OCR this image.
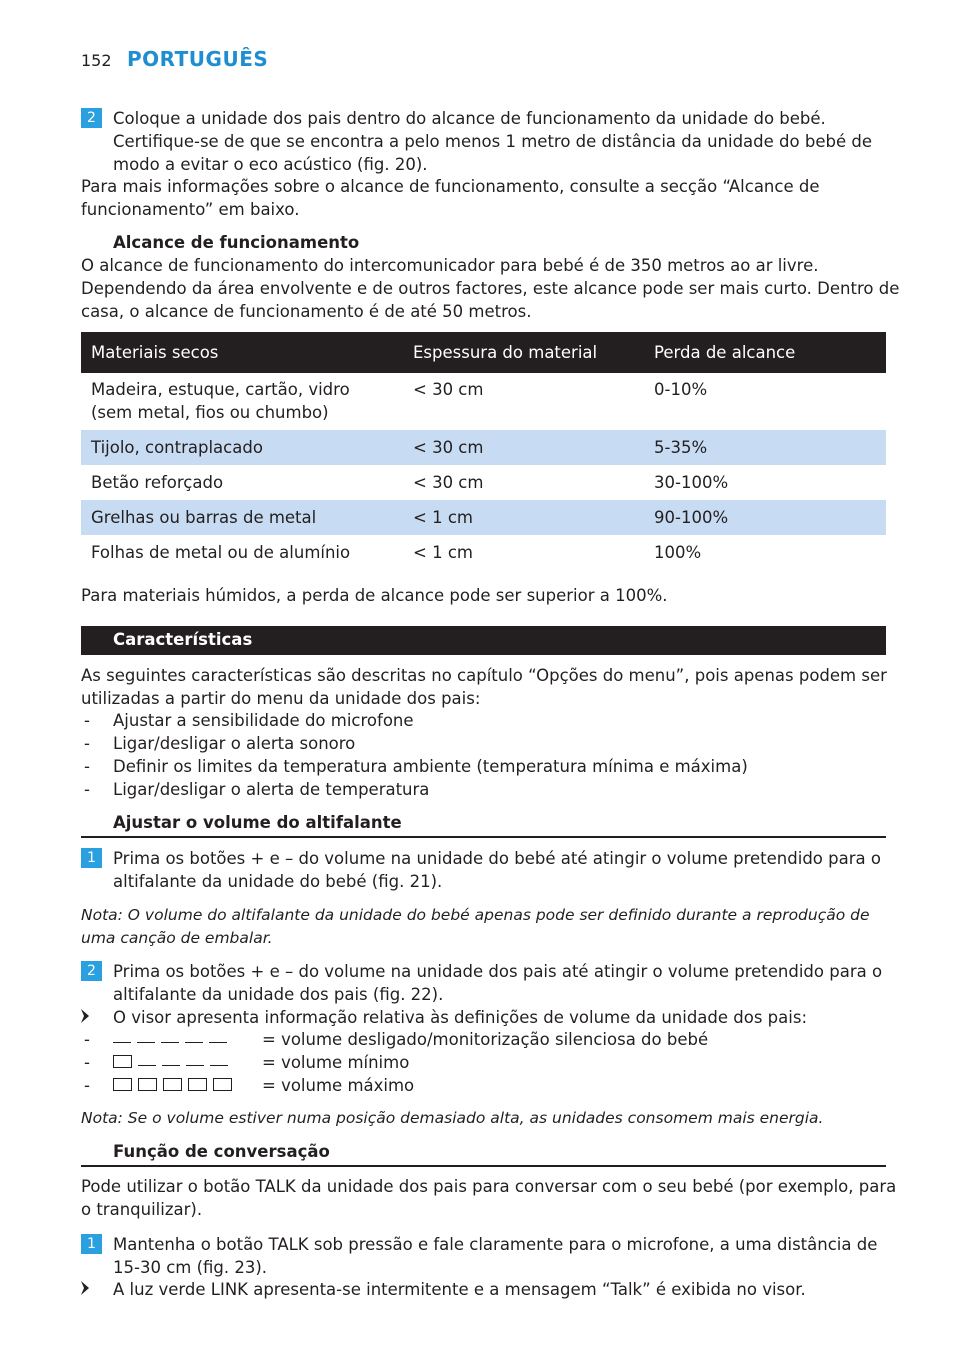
152 PORTUGUÊS
2	Coloque a unidade dos pais dentro do alcance de funcionamento da unidade do bebé.
Certifique-se de que se encontra a pelo menos 1 metro de distância da unidade do bebé de
modo a evitar o eco acústico (fig. 20).
Para mais informações sobre o alcance de funcionamento, consulte a secção “Alcance de
funcionamento” em baixo.
Alcance de funcionamento
O alcance de funcionamento do intercomunicador para bebé é de 350 metros ao ar livre.
Dependendo da área envolvente e de outros factores, este alcance pode ser mais curto. Dentro de
casa, o alcance de funcionamento é de até 50 metros.
Materiais secos	Espessura do material	Perda de alcance
Madeira, estuque, cartão, vidro (sem metal, fios ou chumbo)	< 30 cm	0-10%
Tijolo, contraplacado	< 30 cm	5-35%
Betão reforçado	< 30 cm	30-100%
Grelhas ou barras de metal	< 1 cm	90-100%
Folhas de metal ou de alumínio	< 1 cm	100%
Para materiais húmidos, a perda de alcance pode ser superior a 100%.
Características
As seguintes características são descritas no capítulo “Opções do menu”, pois apenas podem ser
utilizadas a partir do menu da unidade dos pais:
- Ajustar a sensibilidade do microfone
- Ligar/desligar o alerta sonoro
- Definir os limites da temperatura ambiente (temperatura mínima e máxima)
- Ligar/desligar o alerta de temperatura
Ajustar o volume do altifalante
1	Prima os botões + e – do volume na unidade do bebé até atingir o volume pretendido para o
altifalante da unidade do bebé (fig. 21).
Nota: O volume do altifalante da unidade do bebé apenas pode ser definido durante a reprodução de
uma canção de embalar.
2	Prima os botões + e – do volume na unidade dos pais até atingir o volume pretendido para o
altifalante da unidade dos pais (fig. 22).
O visor apresenta informação relativa às definições de volume da unidade dos pais:
-	= volume desligado/monitorização silenciosa do bebé
-	= volume mínimo
-	= volume máximo
Nota: Se o volume estiver numa posição demasiado alta, as unidades consomem mais energia.
Função de conversação
Pode utilizar o botão TALK da unidade dos pais para conversar com o seu bebé (por exemplo, para
o tranquilizar).
1	Mantenha o botão TALK sob pressão e fale claramente para o microfone, a uma distância de
15-30 cm (fig. 23).
A luz verde LINK apresenta-se intermitente e a mensagem “Talk” é exibida no visor.
